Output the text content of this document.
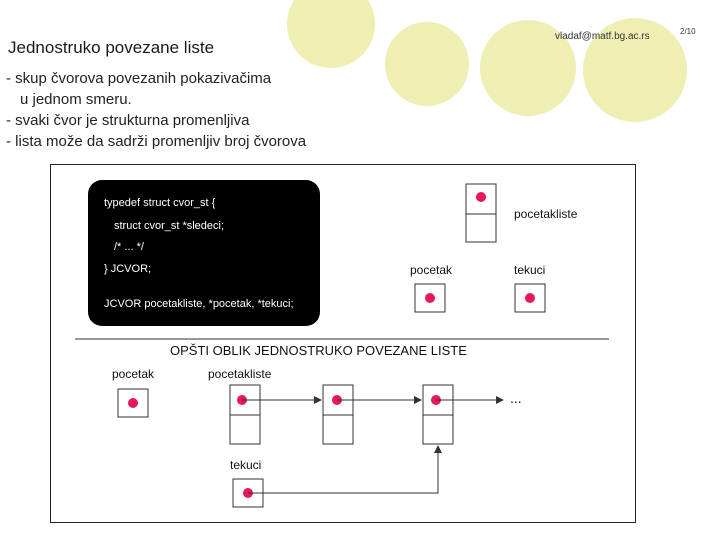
Jednostruko povezane liste
vladaf@matf.bg.ac.rs	2/10
- skup čvorova povezanih pokazivačima
u jednom smeru.
- svaki čvor je strukturna promenljiva
- lista može da sadrži promenljiv broj čvorova
typedef struct cvor_st {
struct cvor_st *sledeci;
/* ... */
} JCVOR;
JCVOR pocetakliste, *pocetak, *tekuci;
pocetakliste
pocetak	tekuci
OPŠTI OBLIK JEDNOSTRUKO POVEZANE LISTE
pocetak	pocetakliste
tekuci
...
